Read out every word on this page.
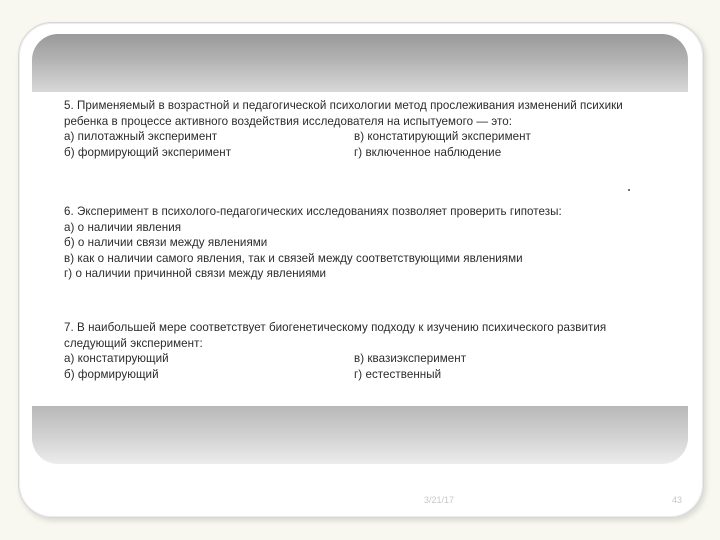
5. Применяемый в возрастной и педагогической психологии метод прослеживания изменений психики ребенка в процессе активного воздействия исследователя на испытуемого — это:

а) пилотажный эксперимент	в) констатирующий эксперимент
б) формирующий эксперимент	г) включенное наблюдение

6. Эксперимент в психолого-педагогических исследованиях позволяет проверить гипотезы:

а) о наличии явления
б) о наличии связи между явлениями
в) как о наличии самого явления, так и связей между соответствующими явлениями
г) о наличии причинной связи между явлениями

7. В наибольшей мере соответствует биогенетическому подходу к изучению психического развития следующий эксперимент:

а) констатирующий	в) квазиэксперимент
б) формирующий	г) естественный
3/21/17	43
